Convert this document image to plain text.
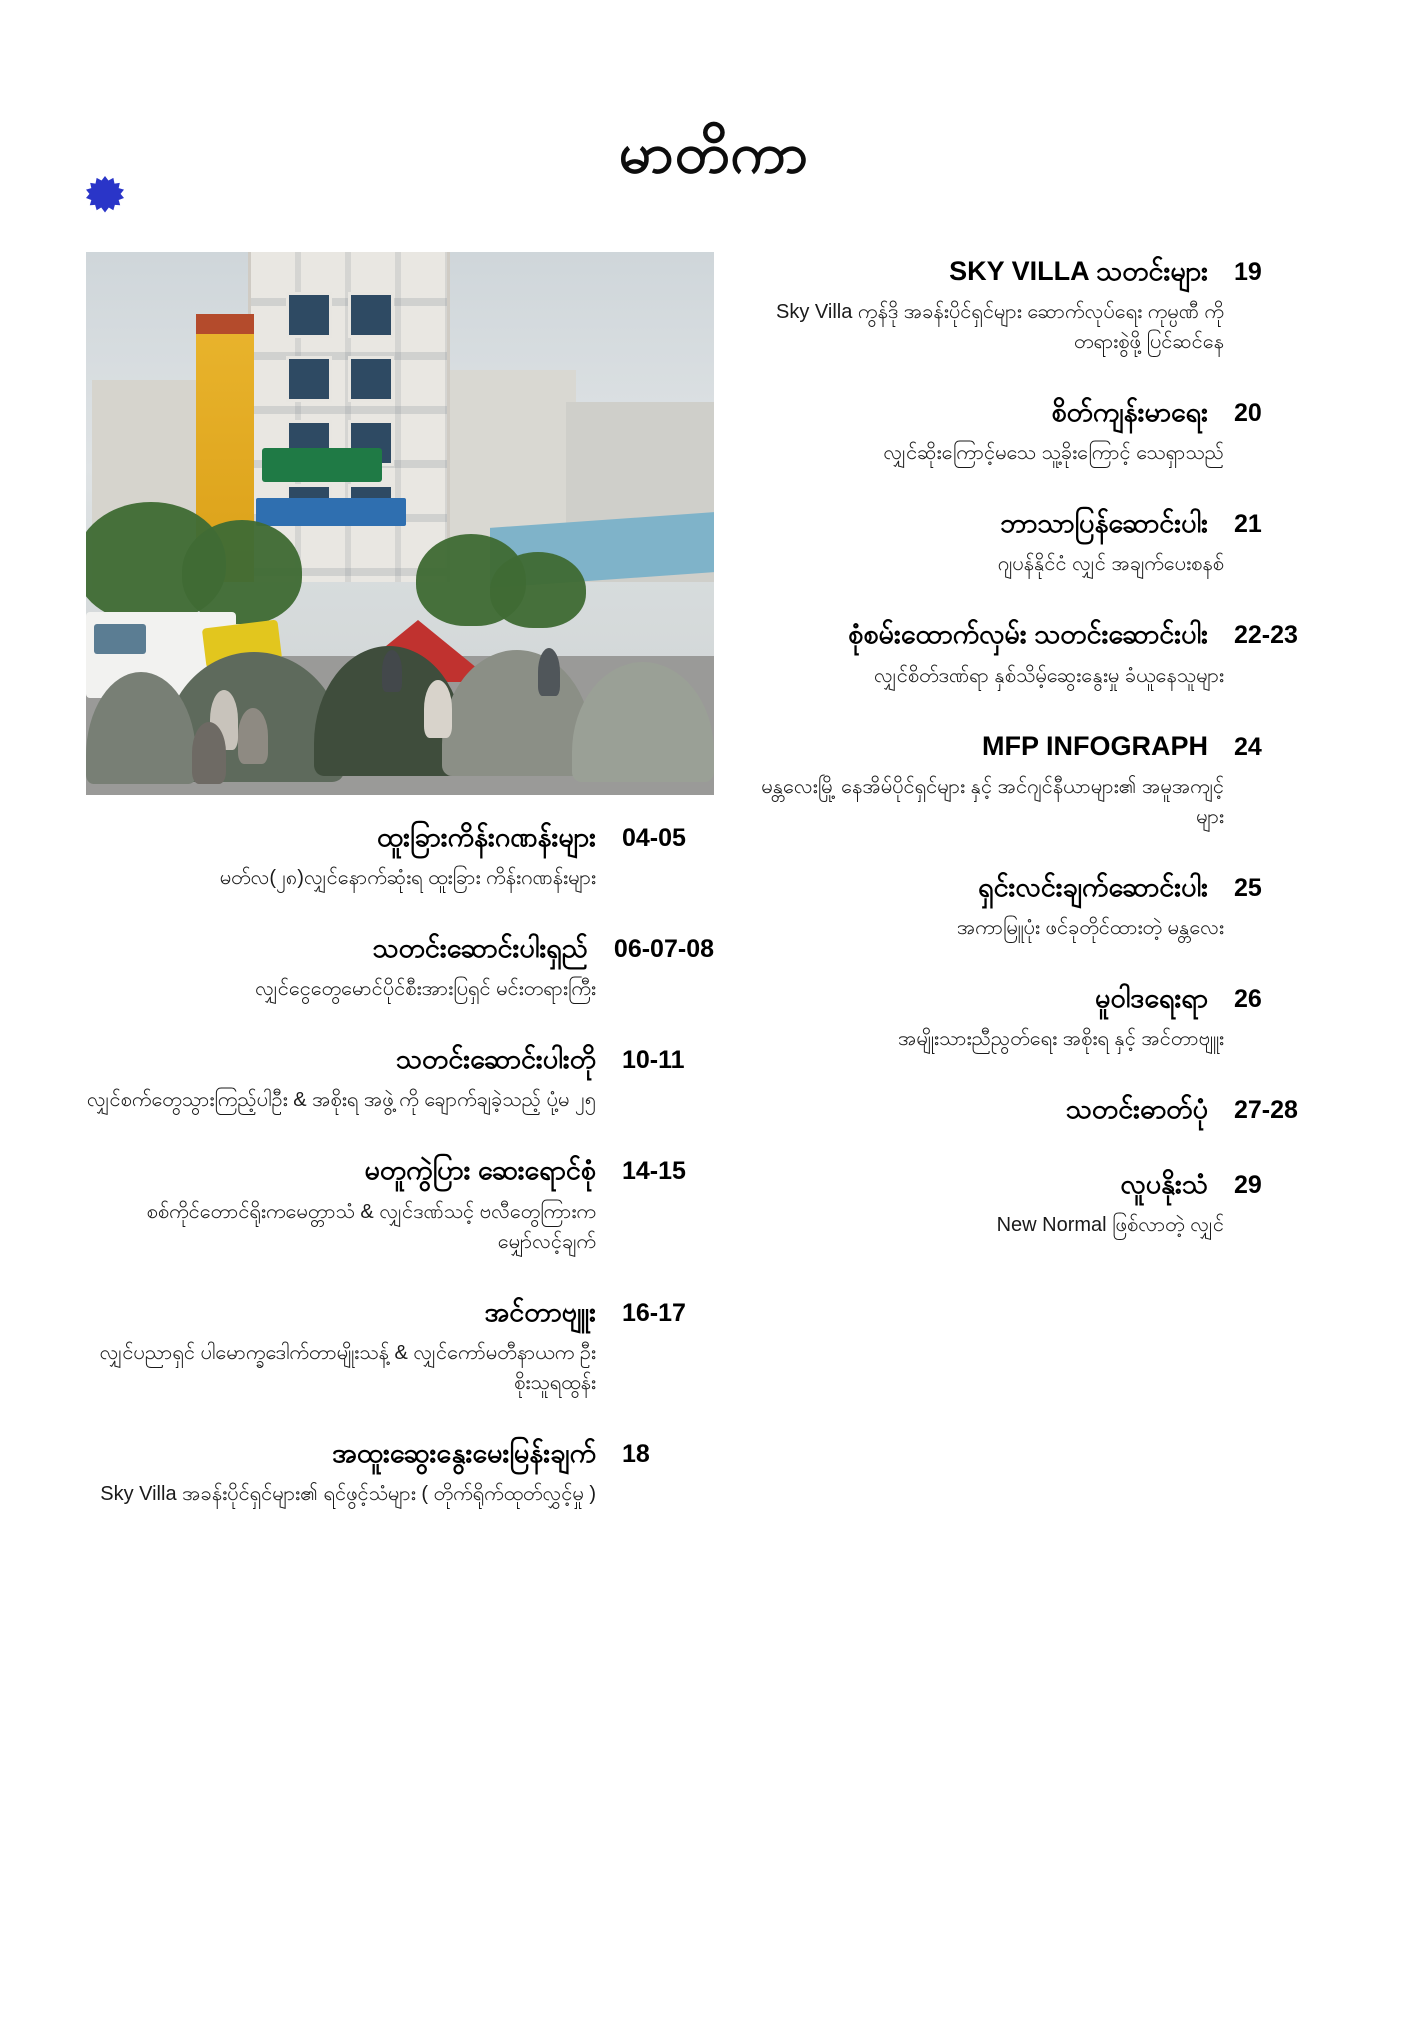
မာတိကာ
ထူးခြားကိန်းဂဏန်းများ 04-05
မတ်လ(၂၈)လျှင်နောက်ဆုံးရ ထူးခြား ကိန်းဂဏန်းများ
သတင်းဆောင်းပါးရှည် 06-07-08
လျှင်ငွေတွေမောင်ပိုင်စီးအားပြရှင် မင်းတရားကြီး
သတင်းဆောင်းပါးတို 10-11
လျှင်စက်တွေသွားကြည့်ပါဦး & အစိုးရ အဖွဲ့ ကို ချောက်ချခဲ့သည့် ပုံ့မ ၂၅
မတူကွဲပြား ဆေးရောင်စုံ 14-15
စစ်ကိုင်တောင်ရိုးကမေတ္တာသံ & လျှင်ဒဏ်သင့် ဗလီတွေကြားက မျှော်လင့်ချက်
အင်တာဗျူး 16-17
လျှင်ပညာရှင် ပါမောက္ခဒေါက်တာမျိုးသန့် & လျှင်ကော်မတီနာယက ဦးစိုးသူရထွန်း
အထူးဆွေးနွေးမေးမြန်းချက် 18
Sky Villa အခန်းပိုင်ရှင်များ၏ ရင်ဖွင့်သံများ ( တိုက်ရိုက်ထုတ်လွှင့်မှု )
SKY VILLA သတင်းများ 19
Sky Villa ကွန်ဒို အခန်းပိုင်ရှင်များ ဆောက်လုပ်ရေး ကုမ္ပဏီ ကို တရားစွဲဖို့ ပြင်ဆင်နေ
စိတ်ကျန်းမာရေး 20
လျှင်ဆိုးကြောင့်မသေ သူ့ခိုးကြောင့် သေရှာသည်
ဘာသာပြန်ဆောင်းပါး 21
ဂျပန်နိုင်ငံ လျှင် အချက်ပေးစနစ်
စုံစမ်းထောက်လှမ်း သတင်းဆောင်းပါး 22-23
လျှင်စိတ်ဒဏ်ရာ နှစ်သိမ့်ဆွေးနွေးမှု ခံယူနေသူများ
MFP INFOGRAPH 24
မန္တလေးမြို့ နေအိမ်ပိုင်ရှင်များ နှင့် အင်ဂျင်နီယာများ၏ အမူအကျင့်များ
ရှင်းလင်းချက်ဆောင်းပါး 25
အကာမြူပုံး ဖင်ခုတိုင်ထားတဲ့ မန္တလေး
မူဝါဒရေးရာ 26
အမျိုးသားညီညွတ်ရေး အစိုးရ နှင့် အင်တာဗျူး
သတင်းဓာတ်ပုံ 27-28
လူပနိုးသံ 29
New Normal ဖြစ်လာတဲ့ လျှင်
